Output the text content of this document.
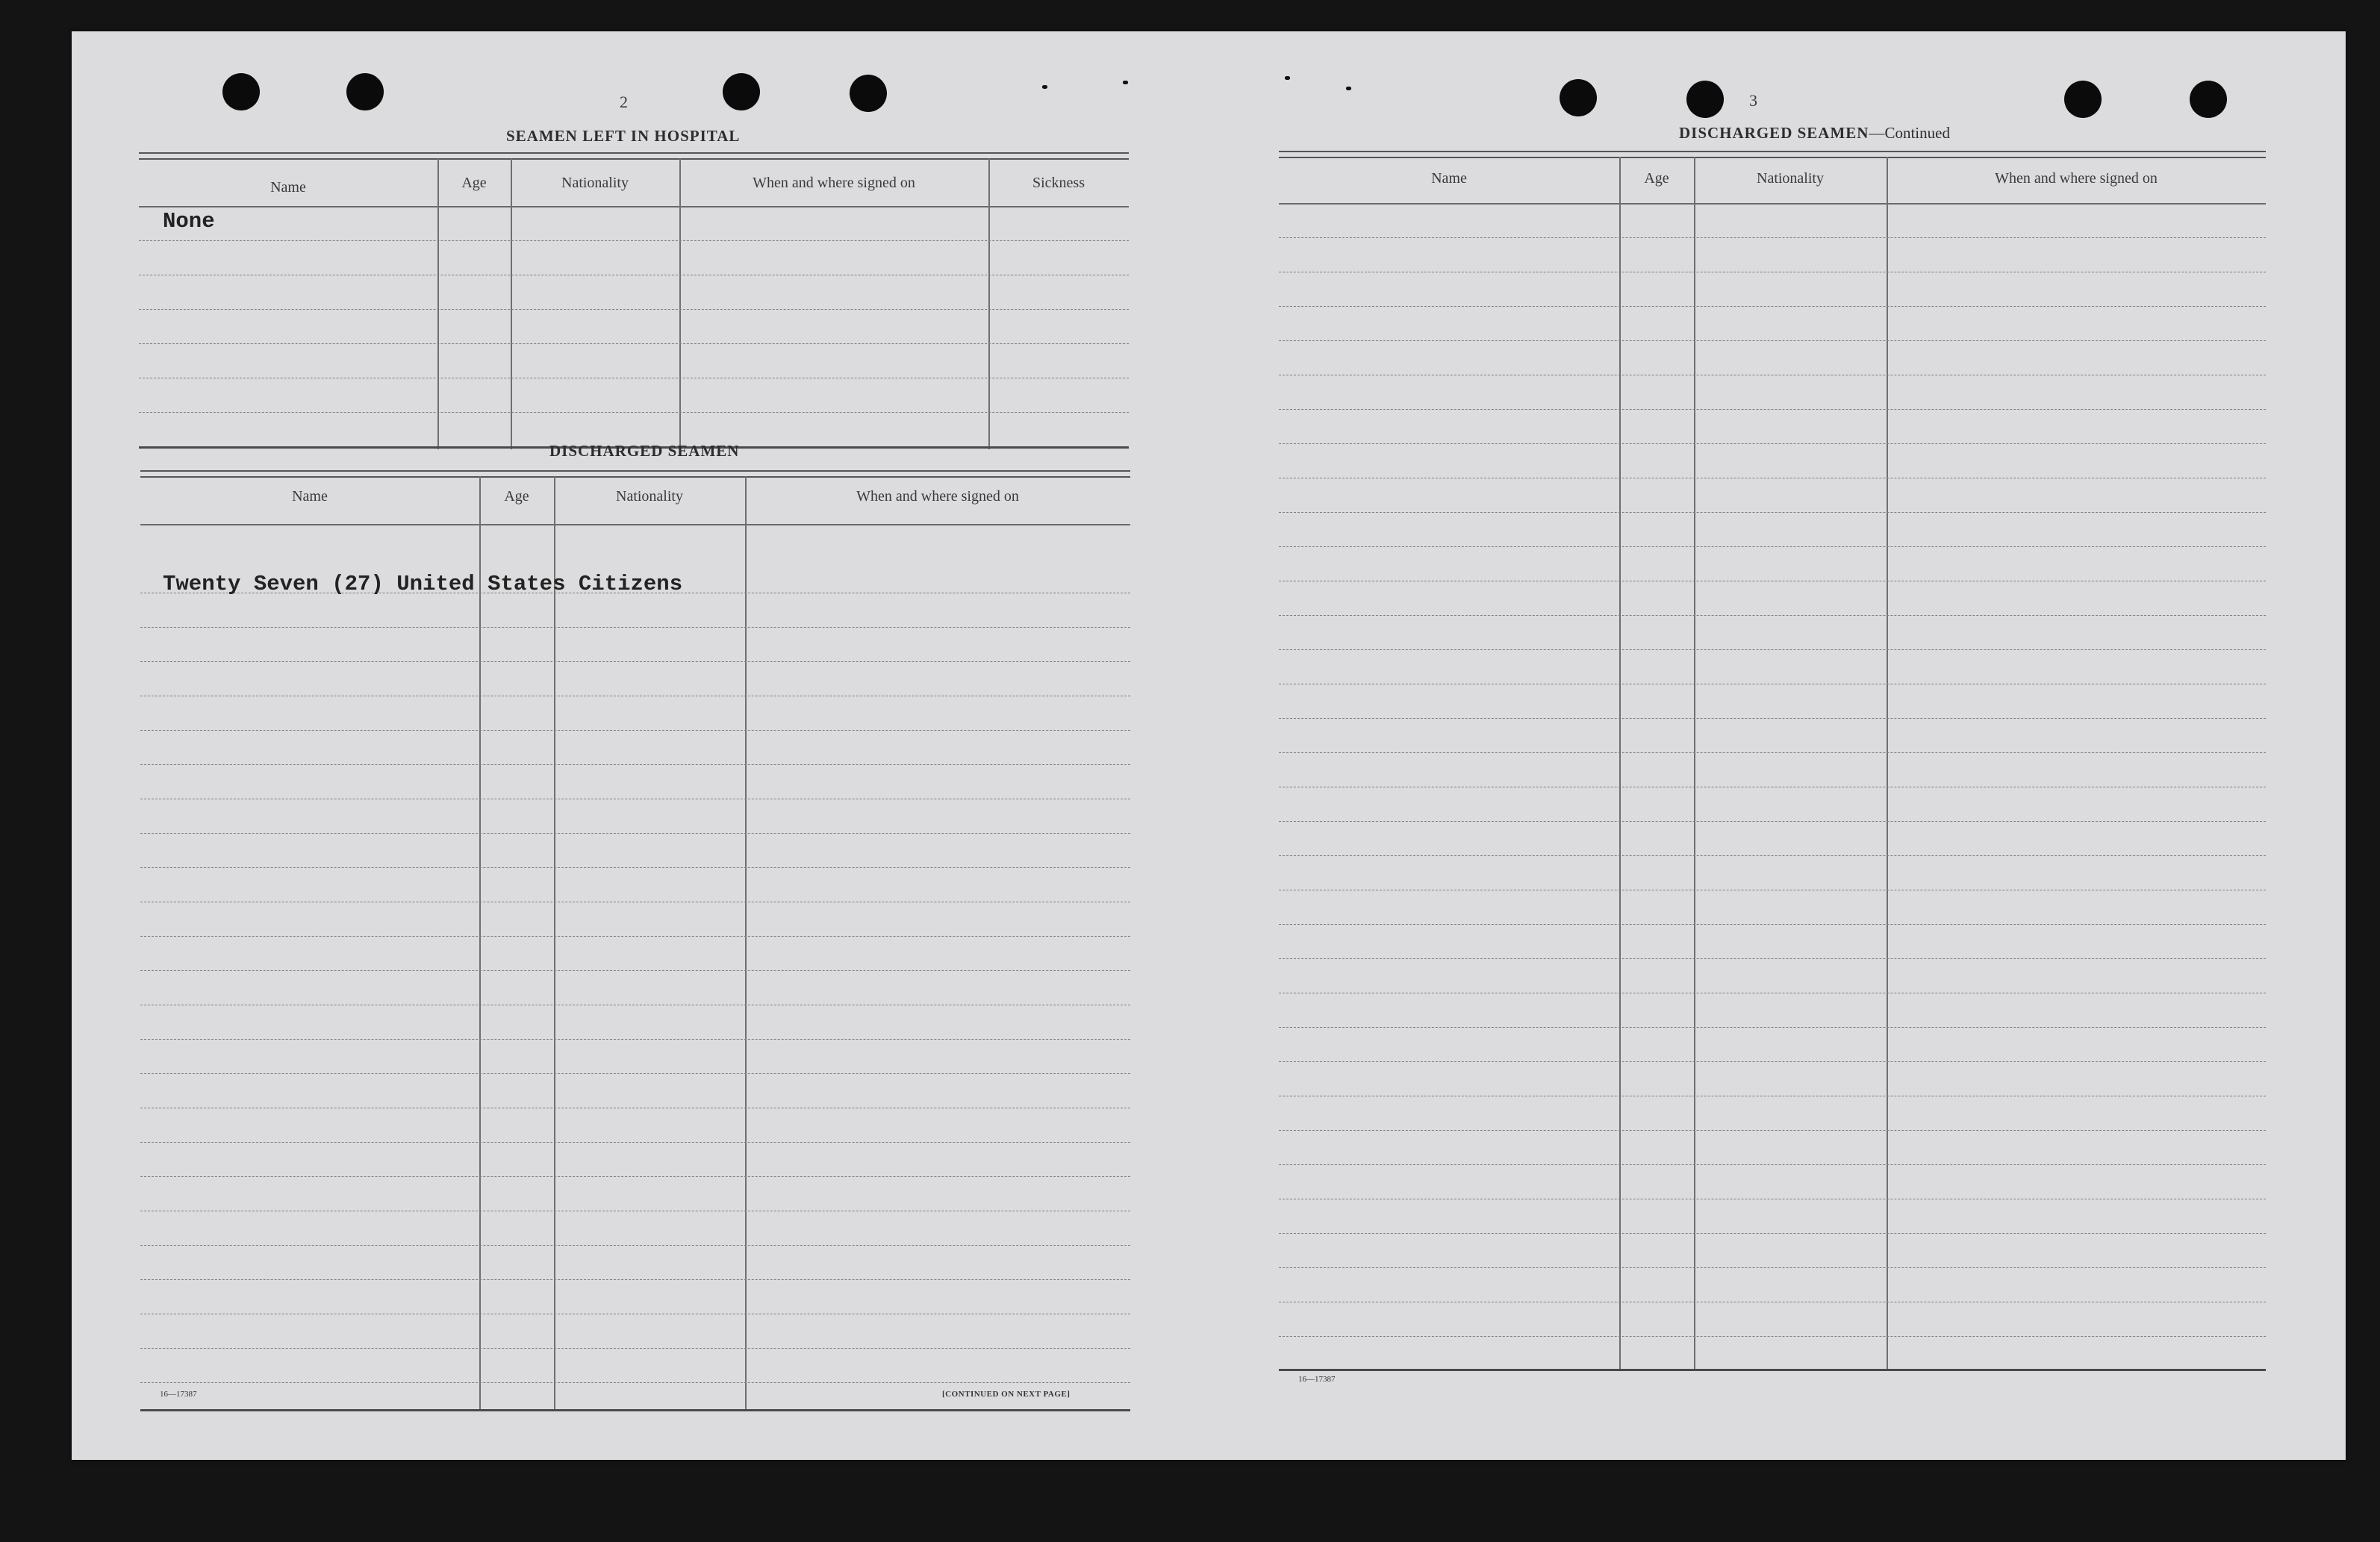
2
SEAMEN LEFT IN HOSPITAL
Name	Age	Nationality	When and where signed on	Sickness
None
DISCHARGED SEAMEN
Name	Age	Nationality	When and where signed on
Twenty Seven (27) United States Citizens
16—17387	[CONTINUED ON NEXT PAGE]
3
DISCHARGED SEAMEN—Continued
Name	Age	Nationality	When and where signed on
16—17387
